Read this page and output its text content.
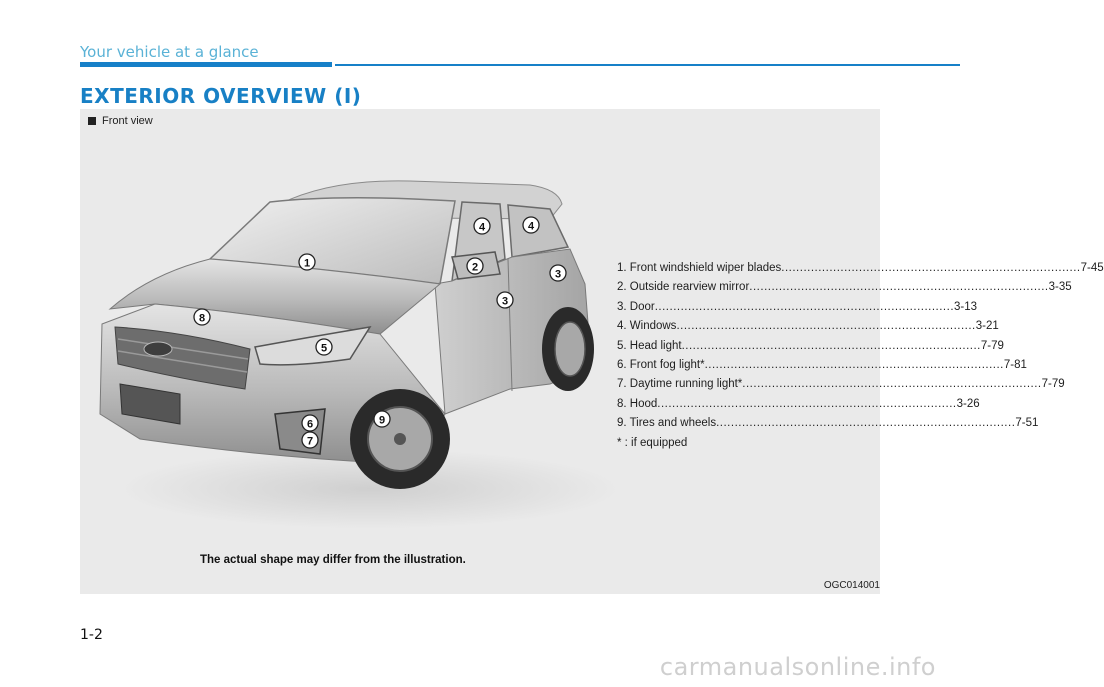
Your vehicle at a glance
EXTERIOR OVERVIEW (I)
Front view
1	2
3
3
4	4
5
6
7
8
9
1. Front windshield wiper blades ................................................................................. 7-45
2. Outside rearview mirror ................................................................................. 3-35
3. Door ................................................................................. 3-13
4. Windows ................................................................................. 3-21
5. Head light ................................................................................. 7-79
6. Front fog light* ................................................................................. 7-81
7. Daytime running light* ................................................................................. 7-79
8. Hood ................................................................................. 3-26
9. Tires and wheels ................................................................................. 7-51
* : if equipped
The actual shape may differ from the illustration.
OGC014001
1-2
carmanualsonline.info
